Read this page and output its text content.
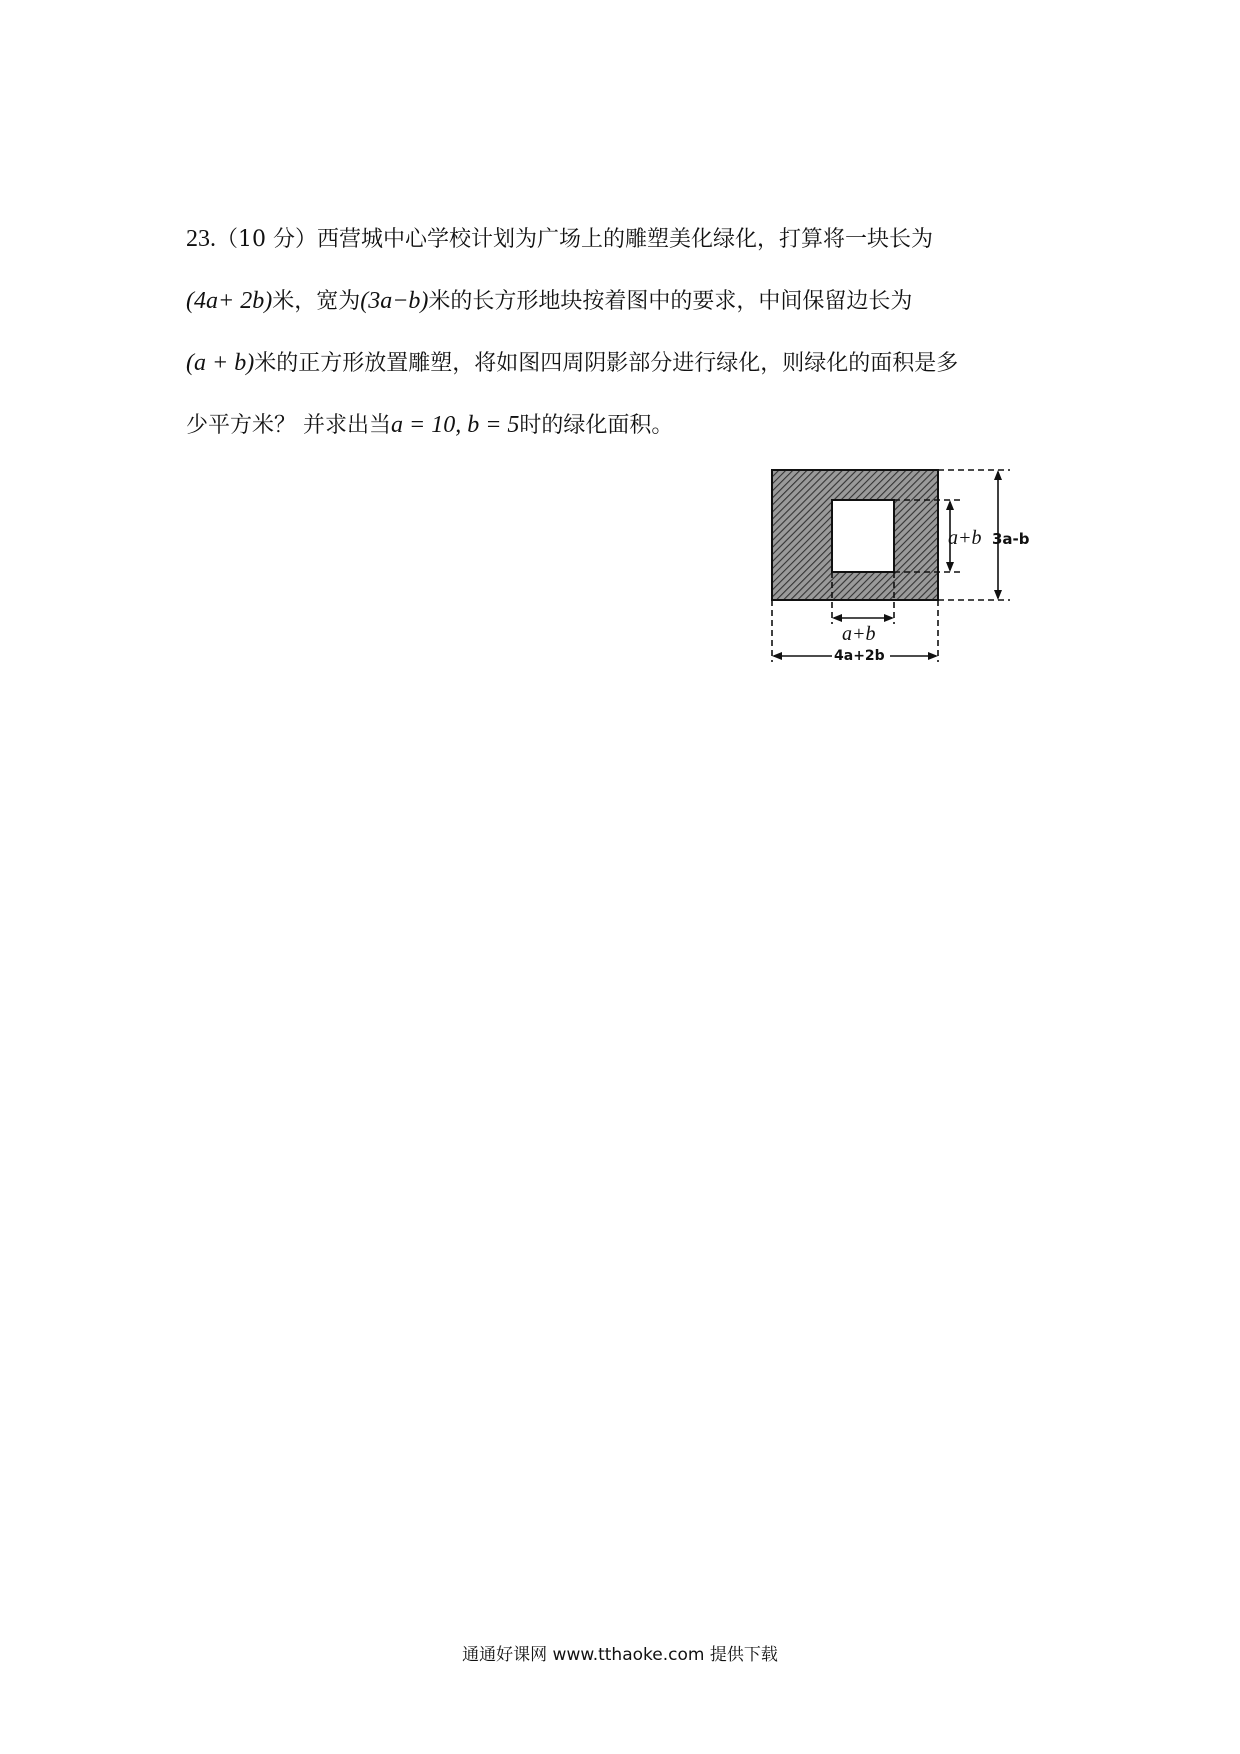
23.（10 分）西营城中心学校计划为广场上的雕塑美化绿化，打算将一块长为
(4a+ 2b)米，宽为(3a−b)米的长方形地块按着图中的要求，中间保留边长为
(a + b)米的正方形放置雕塑，将如图四周阴影部分进行绿化，则绿化的面积是多
少平方米？ 并求出当a = 10, b = 5时的绿化面积。
a+b 3a-b
a+b
4a+2b
通通好课网 www.tthaoke.com 提供下载
